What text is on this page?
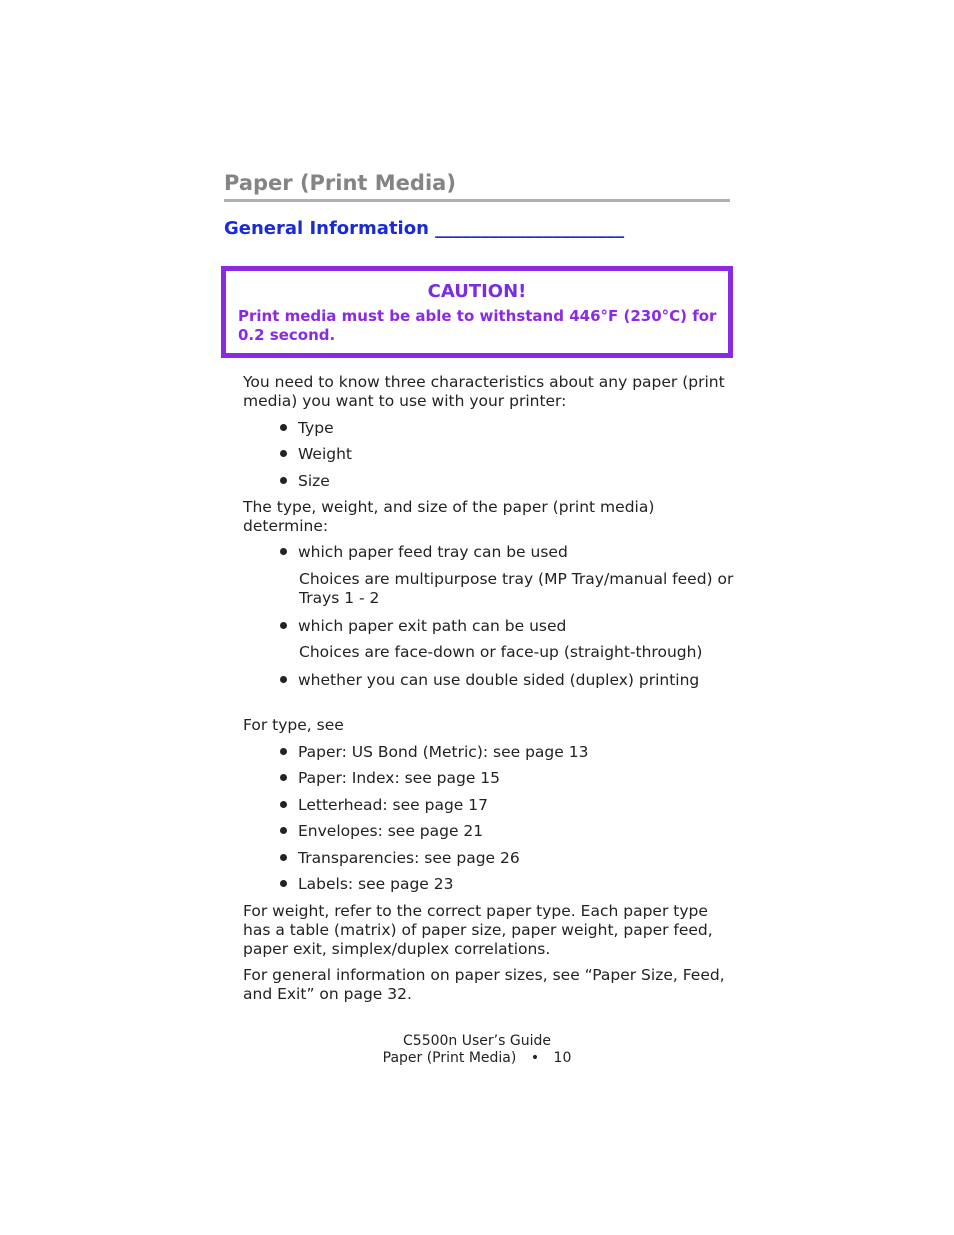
Paper (Print Media)
General Information _____________________
CAUTION!
Print media must be able to withstand 446°F (230°C) for 0.2 second.
You need to know three characteristics about any paper (print media) you want to use with your printer:
Type
Weight
Size
The type, weight, and size of the paper (print media) determine:
which paper feed tray can be used
Choices are multipurpose tray (MP Tray/manual feed) or Trays 1 - 2
which paper exit path can be used
Choices are face-down or face-up (straight-through)
whether you can use double sided (duplex) printing
For type, see
Paper: US Bond (Metric): see page 13
Paper: Index: see page 15
Letterhead: see page 17
Envelopes: see page 21
Transparencies: see page 26
Labels: see page 23
For weight, refer to the correct paper type. Each paper type has a table (matrix) of paper size, paper weight, paper feed, paper exit, simplex/duplex correlations.
For general information on paper sizes, see “Paper Size, Feed, and Exit” on page 32.
C5500n User’s Guide
Paper (Print Media) • 10
